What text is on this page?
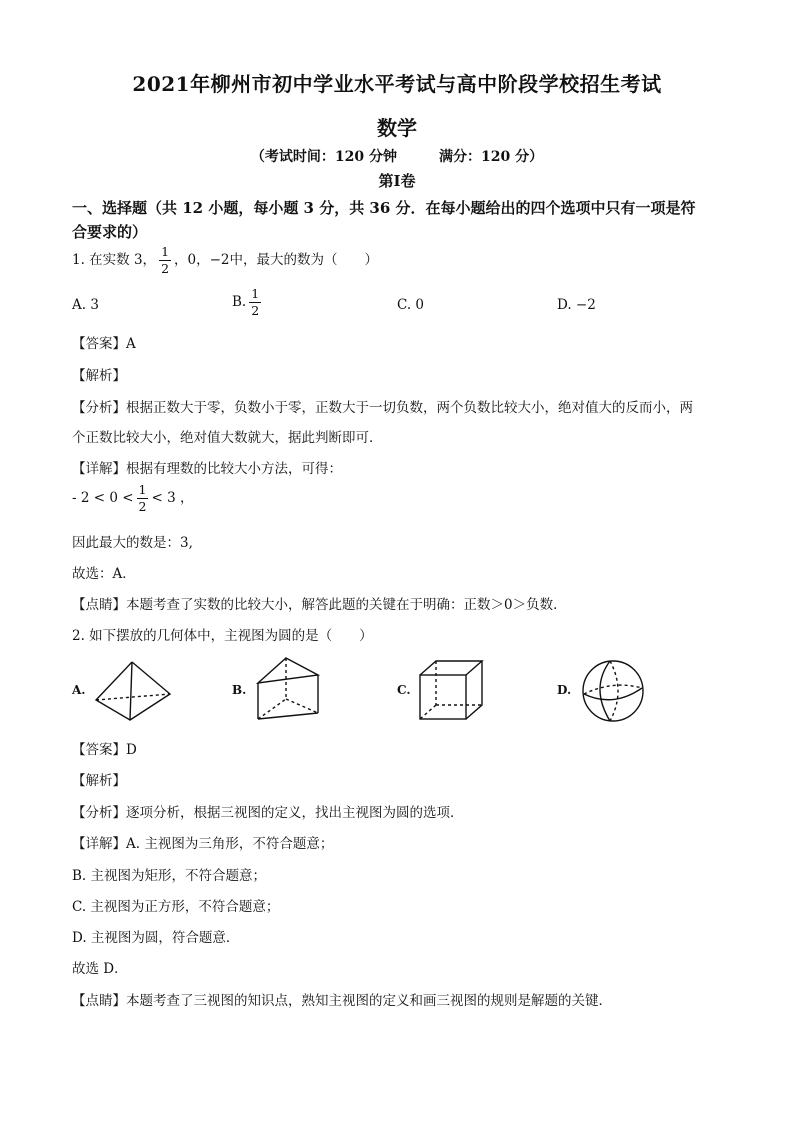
2021年柳州市初中学业水平考试与高中阶段学校招生考试
数学
（考试时间：120 分钟　　　满分：120 分）
第Ⅰ卷
一、选择题（共 12 小题，每小题 3 分，共 36 分．在每小题给出的四个选项中只有一项是符
合要求的）
1. 在实数 3， $\frac{1}{2}$ ，0，−2中，最大的数为（　　）
A. 3	B. $\frac{1}{2}$	C. 0	D. −2
【答案】A
【解析】
【分析】根据正数大于零，负数小于零，正数大于一切负数，两个负数比较大小，绝对值大的反而小，两
个正数比较大小，绝对值大数就大，据此判断即可．
【详解】根据有理数的比较大小方法，可得：
- $2 < 0 < \frac{1}{2} < 3$ ，
因此最大的数是：3,
故选：A．
【点睛】本题考查了实数的比较大小，解答此题的关键在于明确：正数＞0＞负数．
2. 如下摆放的几何体中，主视图为圆的是（　　）
A.	B.	C.	D.
【答案】D
【解析】
【分析】逐项分析，根据三视图的定义，找出主视图为圆的选项．
【详解】A. 主视图为三角形，不符合题意；
B. 主视图为矩形，不符合题意；
C. 主视图为正方形，不符合题意；
D. 主视图为圆，符合题意．
故选 D．
【点睛】本题考查了三视图的知识点，熟知主视图的定义和画三视图的规则是解题的关键．
